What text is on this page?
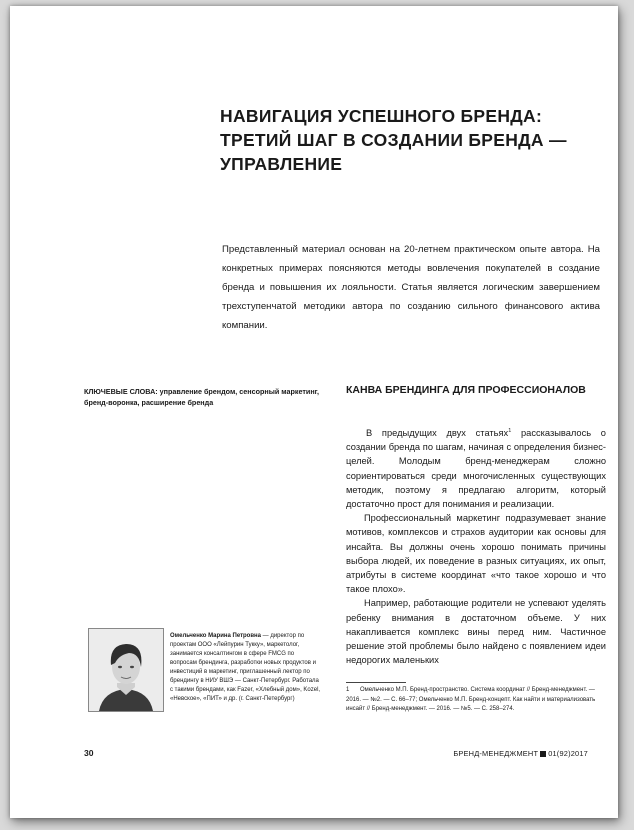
НАВИГАЦИЯ УСПЕШНОГО БРЕНДА: ТРЕТИЙ ШАГ В СОЗДАНИИ БРЕНДА — УПРАВЛЕНИЕ

Представленный материал основан на 20-летнем практическом опыте автора. На конкретных примерах поясняются методы вовлечения покупателей в создание бренда и повышения их лояльности. Статья является логическим завершением трехступенчатой методики автора по созданию сильного финансового актива компании.

КЛЮЧЕВЫЕ СЛОВА: управление брендом, сенсорный маркетинг, бренд-воронка, расширение бренда

КАНВА БРЕНДИНГА ДЛЯ ПРОФЕССИОНАЛОВ

В предыдущих двух статьях$^1$ рассказывалось о создании бренда по шагам, начиная с определения бизнес-целей. Молодым бренд-менеджерам сложно сориентироваться среди многочисленных существующих методик, поэтому я предлагаю алгоритм, который достаточно прост для понимания и реализации.

Профессиональный маркетинг подразумевает знание мотивов, комплексов и страхов аудитории как основы для инсайта. Вы должны очень хорошо понимать причины выбора людей, их поведение в разных ситуациях, их опыт, атрибуты в системе координат «что такое хорошо и что такое плохо».

Например, работающие родители не успевают уделять ребенку внимания в достаточном объеме. У них накапливается комплекс вины перед ним. Частичное решение этой проблемы было найдено с появлением идеи недорогих маленьких

Омельченко Марина Петровна — директор по проектам ООО «Лейпурин Тукку», маркетолог, занимается консалтингом в сфере FMCG по вопросам брендинга, разработки новых продуктов и инвестиций в маркетинг, приглашенный лектор по брендингу в НИУ ВШЭ — Санкт-Петербург. Работала с такими брендами, как Fazer, «Хлебный дом», Kozel, «Невское», «ПИТ» и др. (г. Санкт-Петербург)

1 Омельченко М.П. Бренд-пространство. Система координат // Бренд-менеджмент. — 2016. — №2. — С. 66–77; Омельченко М.П. Бренд-концепт. Как найти и материализовать инсайт // Бренд-менеджмент. — 2016. — №5. — С. 258–274.

30	БРЕНД-МЕНЕДЖМЕНТ 01(92)2017
